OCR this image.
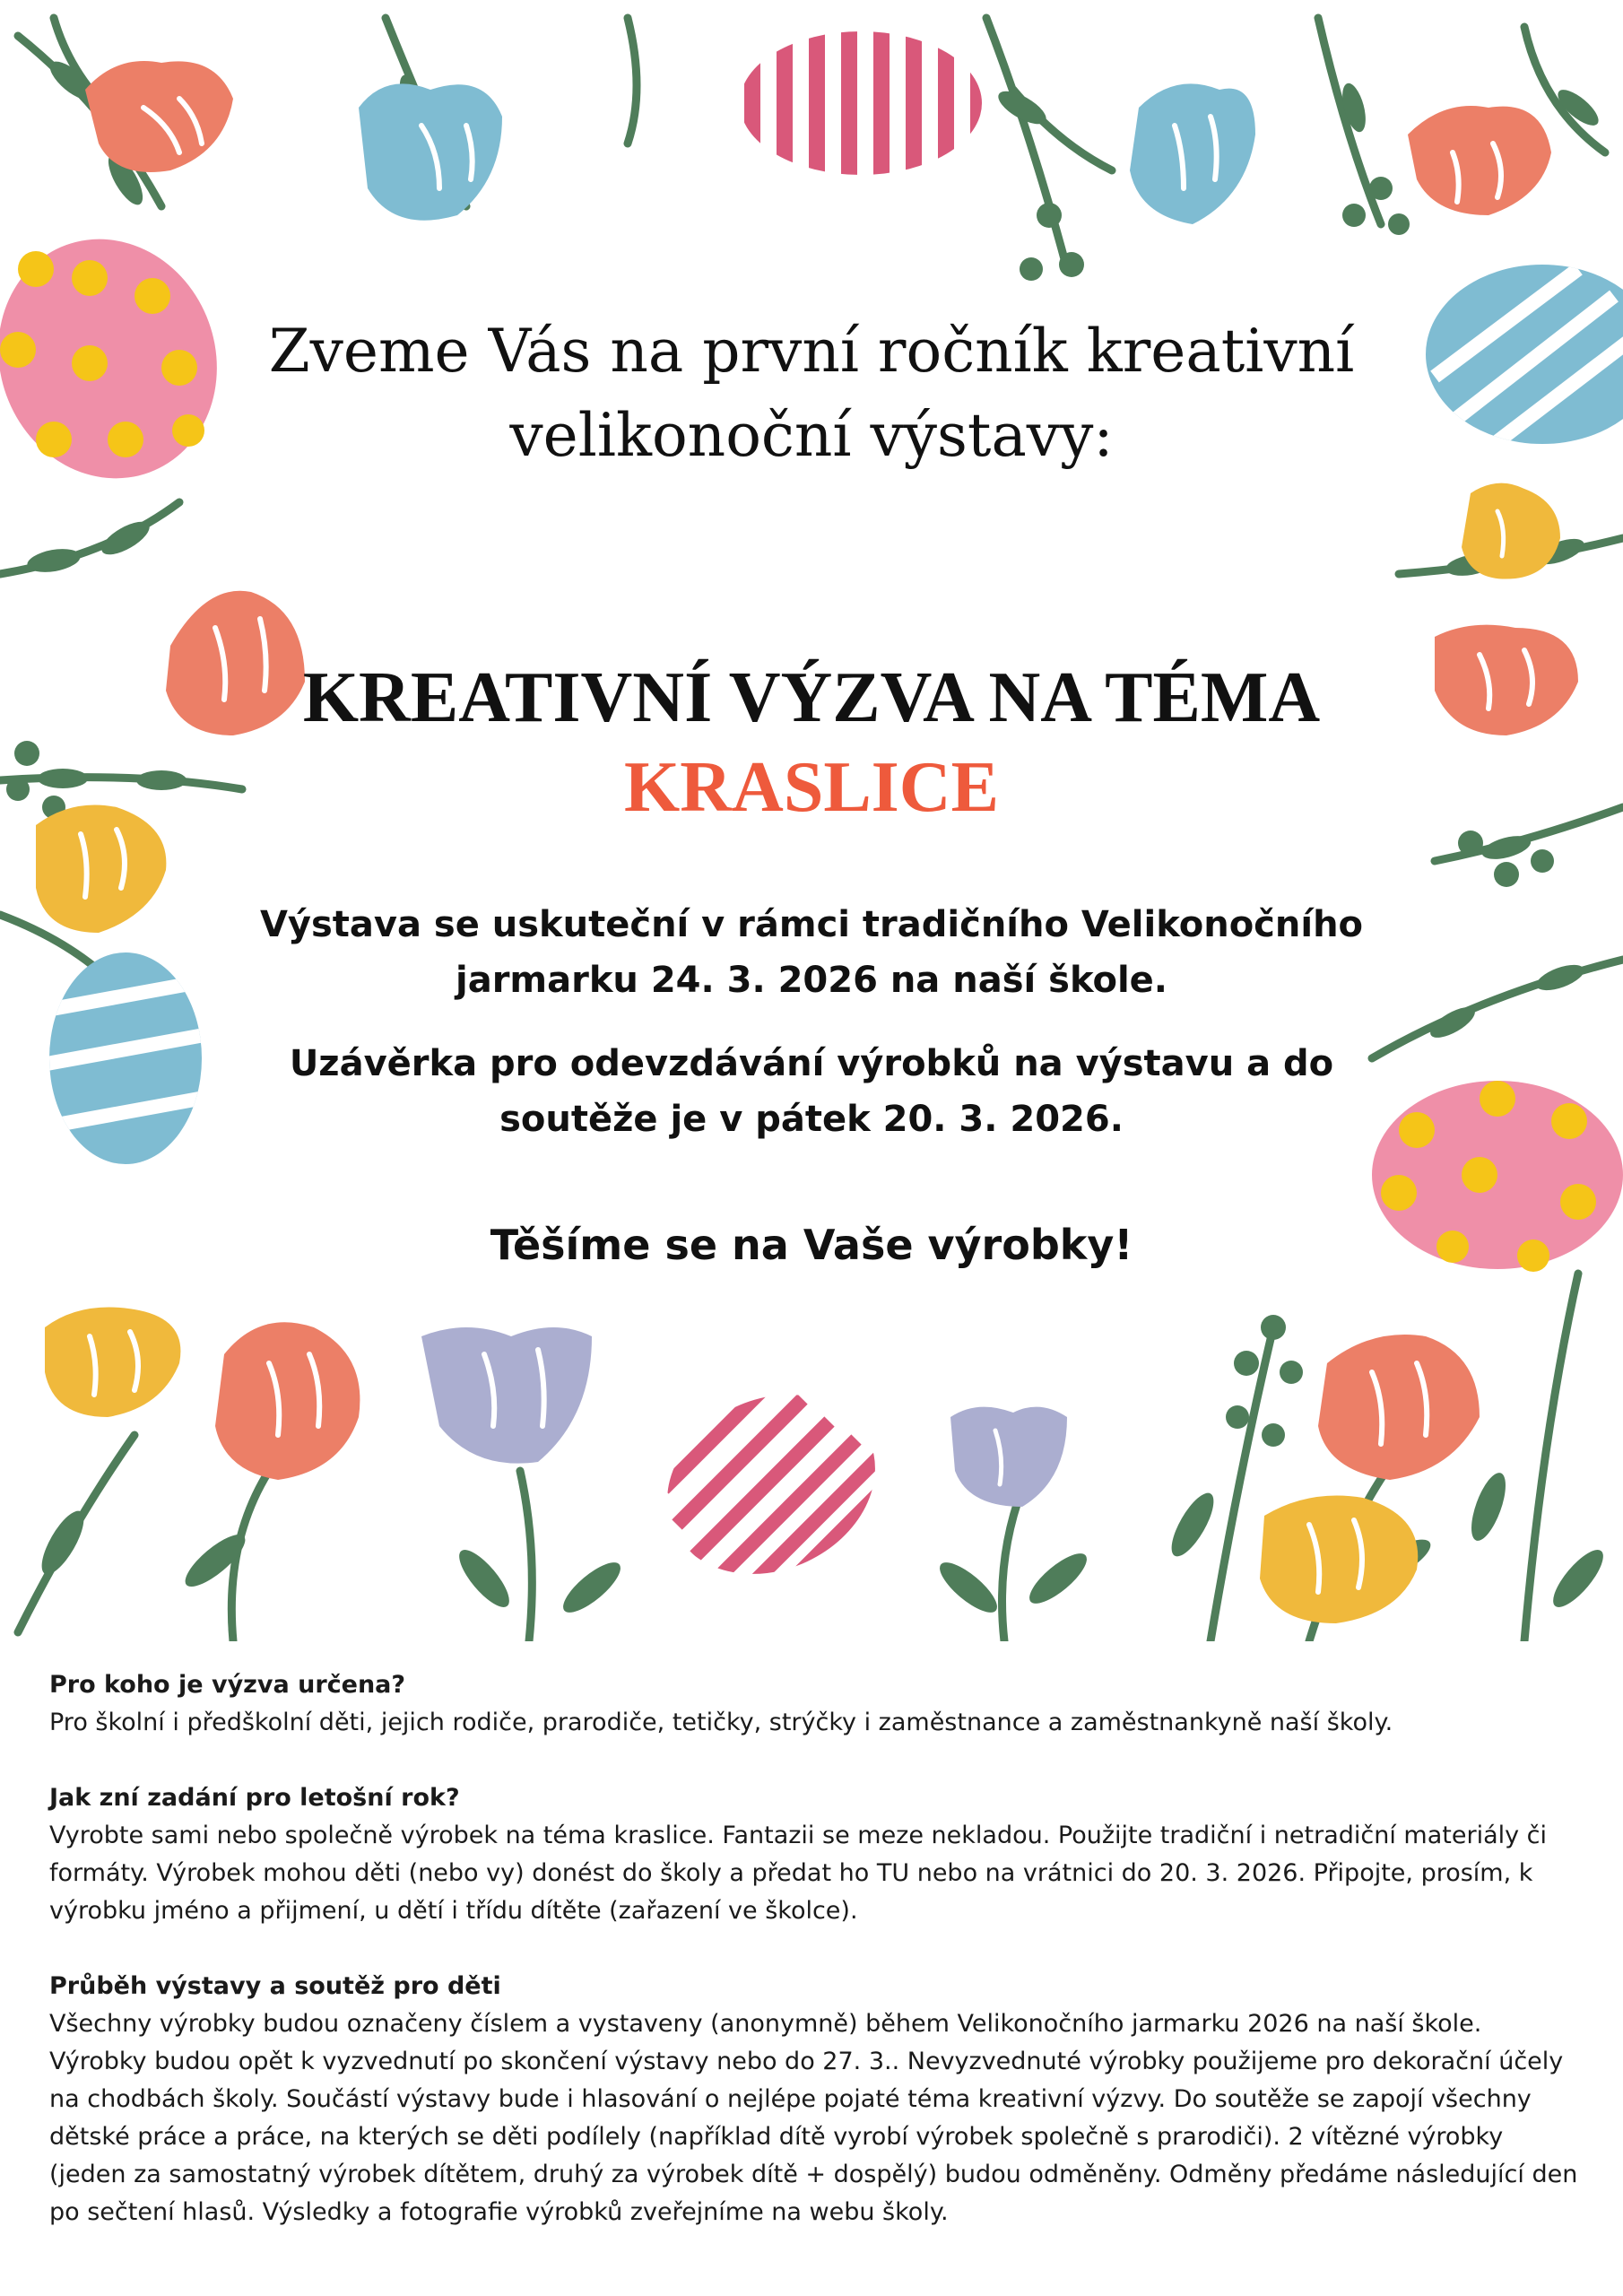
Zveme Vás na první ročník kreativní velikonoční výstavy:
KREATIVNÍ VÝZVA NA TÉMA KRASLICE
Výstava se uskuteční v rámci tradičního Velikonočního jarmarku 24. 3. 2026 na naší škole.
Uzávěrka pro odevzdávání výrobků na výstavu a do soutěže je v pátek 20. 3. 2026.
Těšíme se na Vaše výrobky!
Pro koho je výzva určena?
Pro školní i předškolní děti, jejich rodiče, prarodiče, tetičky, strýčky i zaměstnance a zaměstnankyně naší školy.
Jak zní zadání pro letošní rok?
Vyrobte sami nebo společně výrobek na téma kraslice. Fantazii se meze nekladou. Použijte tradiční i netradiční materiály či formáty. Výrobek mohou děti (nebo vy) donést do školy a předat ho TU nebo na vrátnici do 20. 3. 2026. Připojte, prosím, k výrobku jméno a přijmení, u dětí i třídu dítěte (zařazení ve školce).
Průběh výstavy a soutěž pro děti
Všechny výrobky budou označeny číslem a vystaveny (anonymně) během Velikonočního jarmarku 2026 na naší škole. Výrobky budou opět k vyzvednutí po skončení výstavy nebo do 27. 3.. Nevyzvednuté výrobky použijeme pro dekorační účely na chodbách školy. Součástí výstavy bude i hlasování o nejlépe pojaté téma kreativní výzvy. Do soutěže se zapojí všechny dětské práce a práce, na kterých se děti podílely (například dítě vyrobí výrobek společně s prarodiči). 2 vítězné výrobky (jeden za samostatný výrobek dítětem, druhý za výrobek dítě + dospělý) budou odměněny. Odměny předáme následující den po sečtení hlasů. Výsledky a fotografie výrobků zveřejníme na webu školy.
